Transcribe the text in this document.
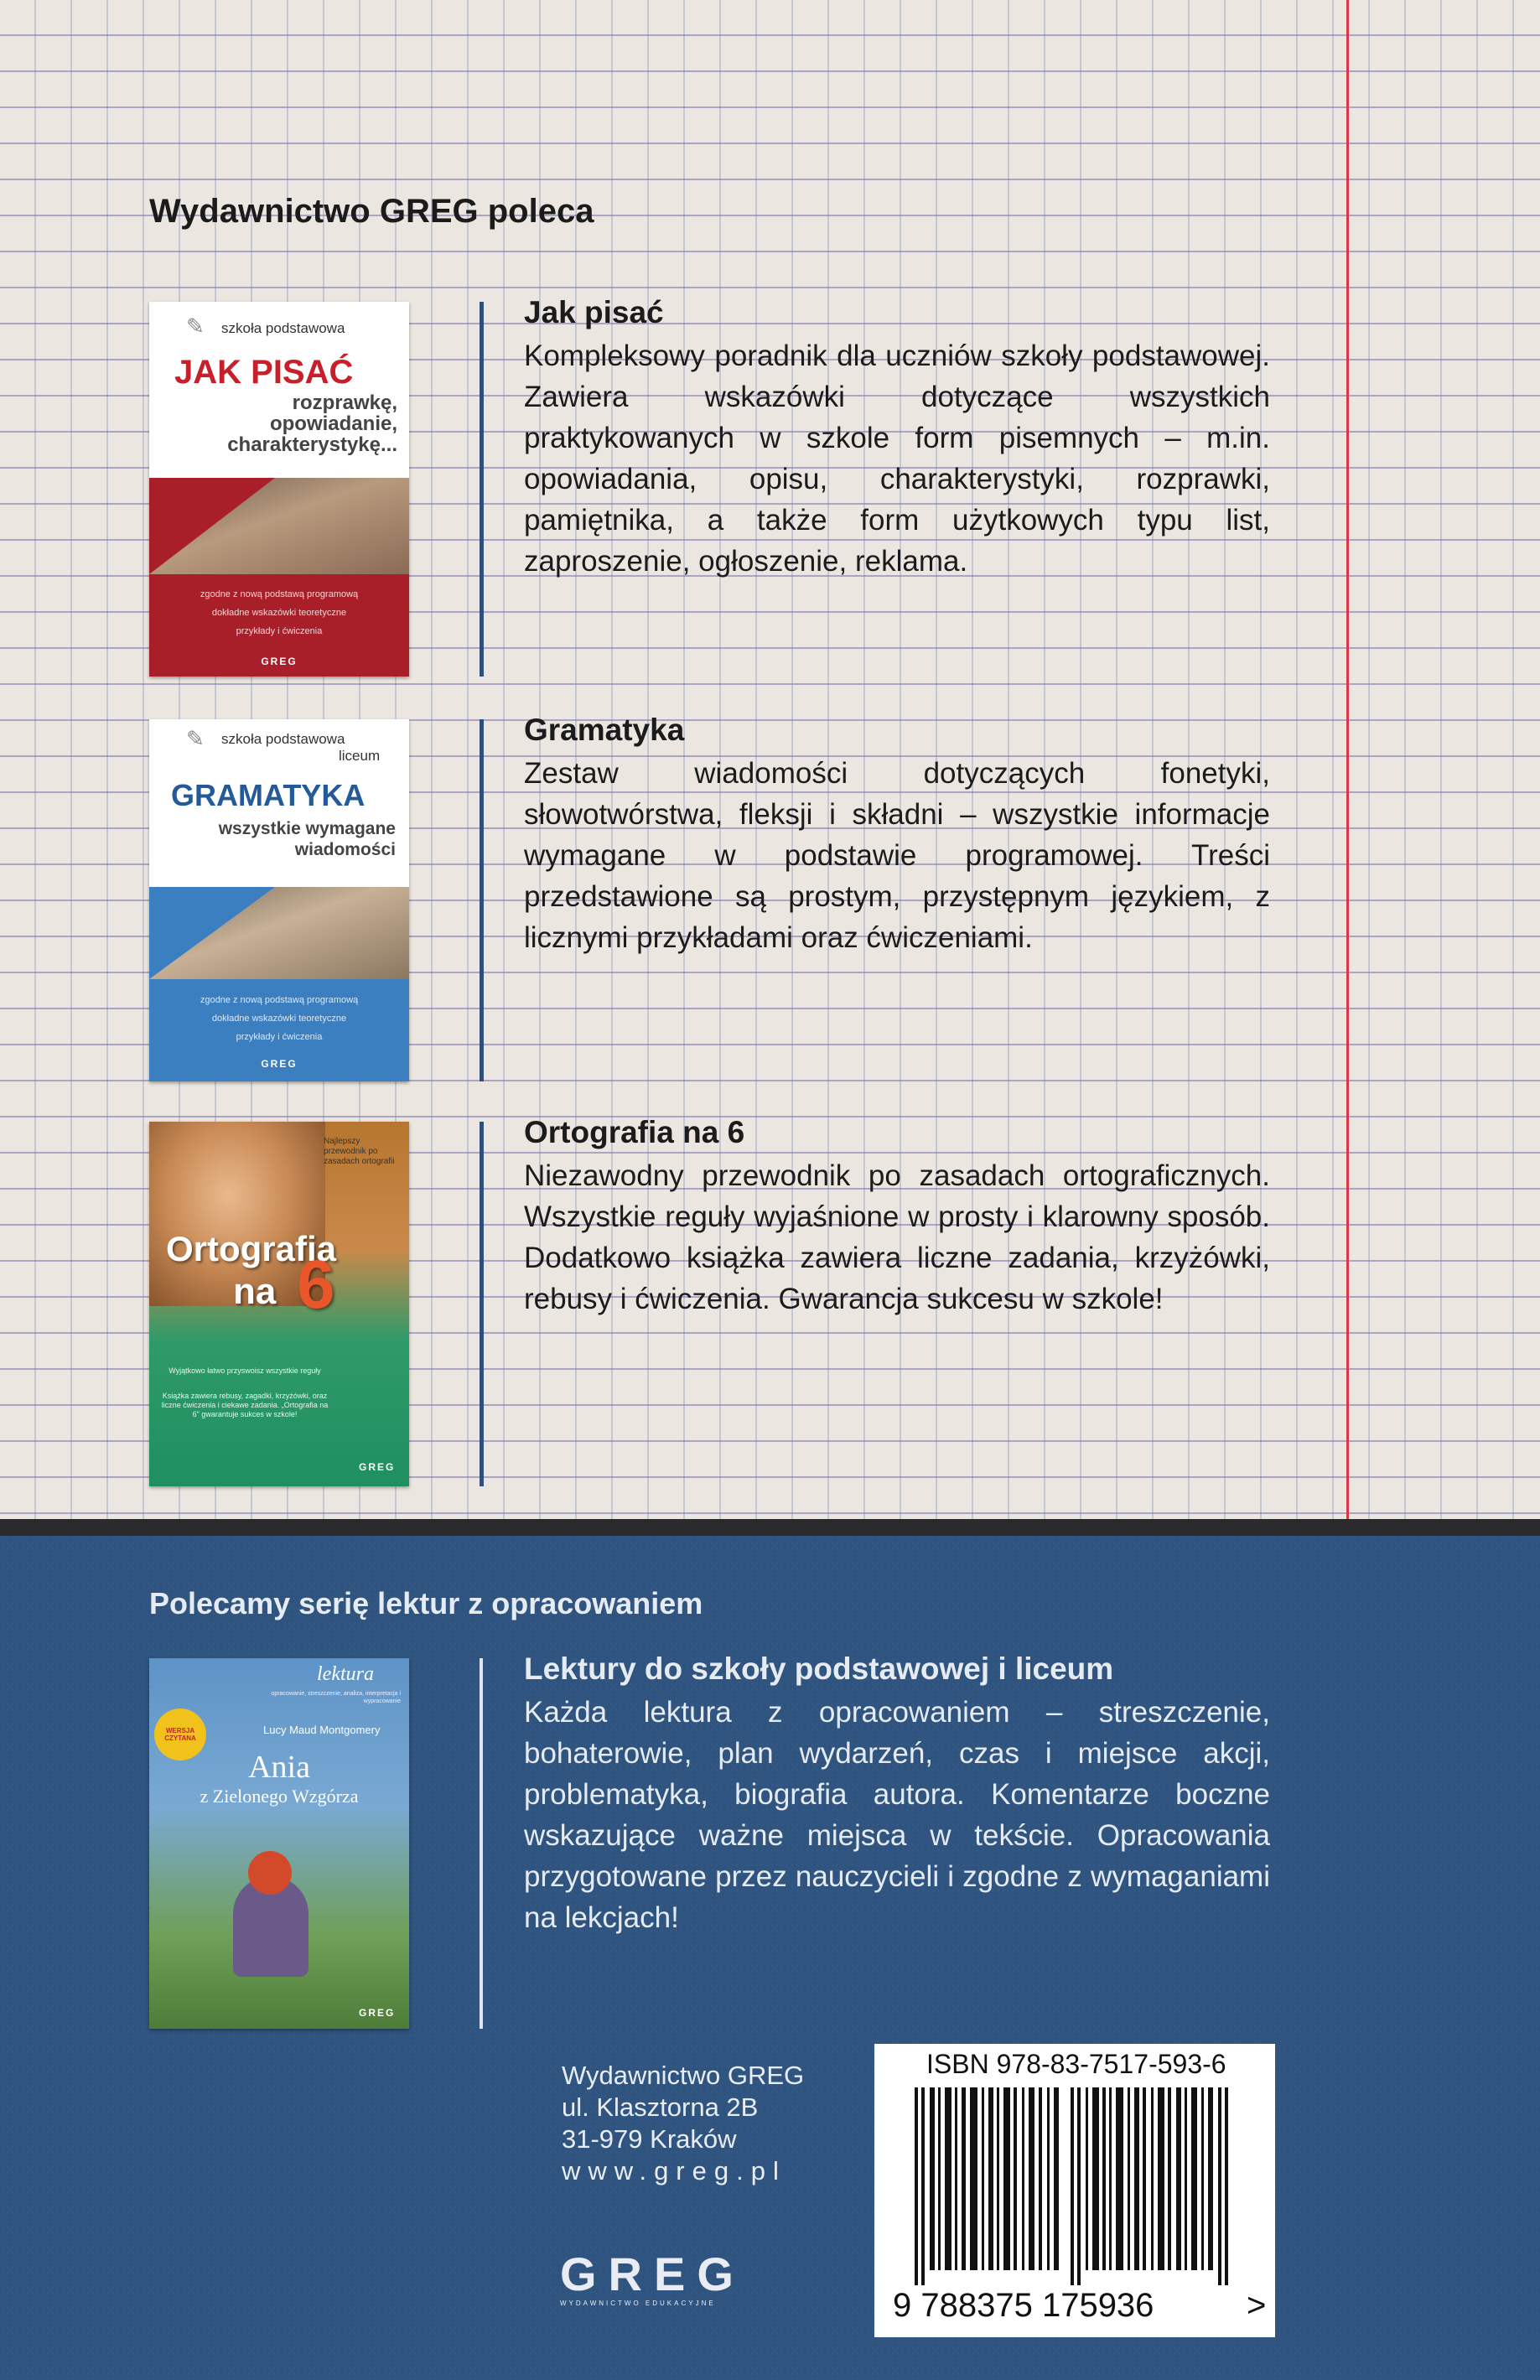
Wydawnictwo GREG poleca
✎ szkoła podstawowa
JAK PISAĆ
rozprawkę, opowiadanie, charakterystykę...
zgodne z nową podstawą programową
dokładne wskazówki teoretyczne
przykłady i ćwiczenia
GREG
Jak pisać

Kompleksowy poradnik dla uczniów szkoły podstawowej. Zawiera wskazówki dotyczące wszystkich praktykowanych w szkole form pisemnych – m.in. opowiadania, opisu, charakterystyki, rozprawki, pamiętnika, a także form użytkowych typu list, zaproszenie, ogłoszenie, reklama.

✎ szkoła podstawowa
liceum
GRAMATYKA
wszystkie wymagane wiadomości
zgodne z nową podstawą programową
dokładne wskazówki teoretyczne
przykłady i ćwiczenia
GREG
Gramatyka

Zestaw wiadomości dotyczących fonetyki, słowotwórstwa, fleksji i składni – wszystkie informacje wymagane w podstawie programowej. Treści przedstawione są prostym, przystępnym językiem, z licznymi przykładami oraz ćwiczeniami.

Najlepszy przewodnik po zasadach ortografii
Ortografia
na 6
Wyjątkowo łatwo przyswoisz wszystkie reguły
Książka zawiera rebusy, zagadki, krzyżówki, oraz liczne ćwiczenia i ciekawe zadania. „Ortografia na 6" gwarantuje sukces w szkole!
GREG
Ortografia na 6

Niezawodny przewodnik po zasadach ortograficznych. Wszystkie reguły wyjaśnione w prosty i klarowny sposób. Dodatkowo książka zawiera liczne zadania, krzyżówki, rebusy i ćwiczenia. Gwarancja sukcesu w szkole!

Polecamy serię lektur z opracowaniem
lektura
opracowanie, streszczenie, analiza, interpretacja i wypracowanie
WERSJA CZYTANA
Lucy Maud Montgomery
Ania
z Zielonego Wzgórza
GREG
Lektury do szkoły podstawowej i liceum

Każda lektura z opracowaniem – streszczenie, bohaterowie, plan wydarzeń, czas i miejsce akcji, problematyka, biografia autora. Komentarze boczne wskazujące ważne miejsca w tekście. Opracowania przygotowane przez nauczycieli i zgodne z wymaganiami na lekcjach!

Wydawnictwo GREG
ul. Klasztorna 2B
31-979 Kraków
www.greg.pl
GREG
WYDAWNICTWO EDUKACYJNE
ISBN 978-83-7517-593-6
9 788375 175936	>
